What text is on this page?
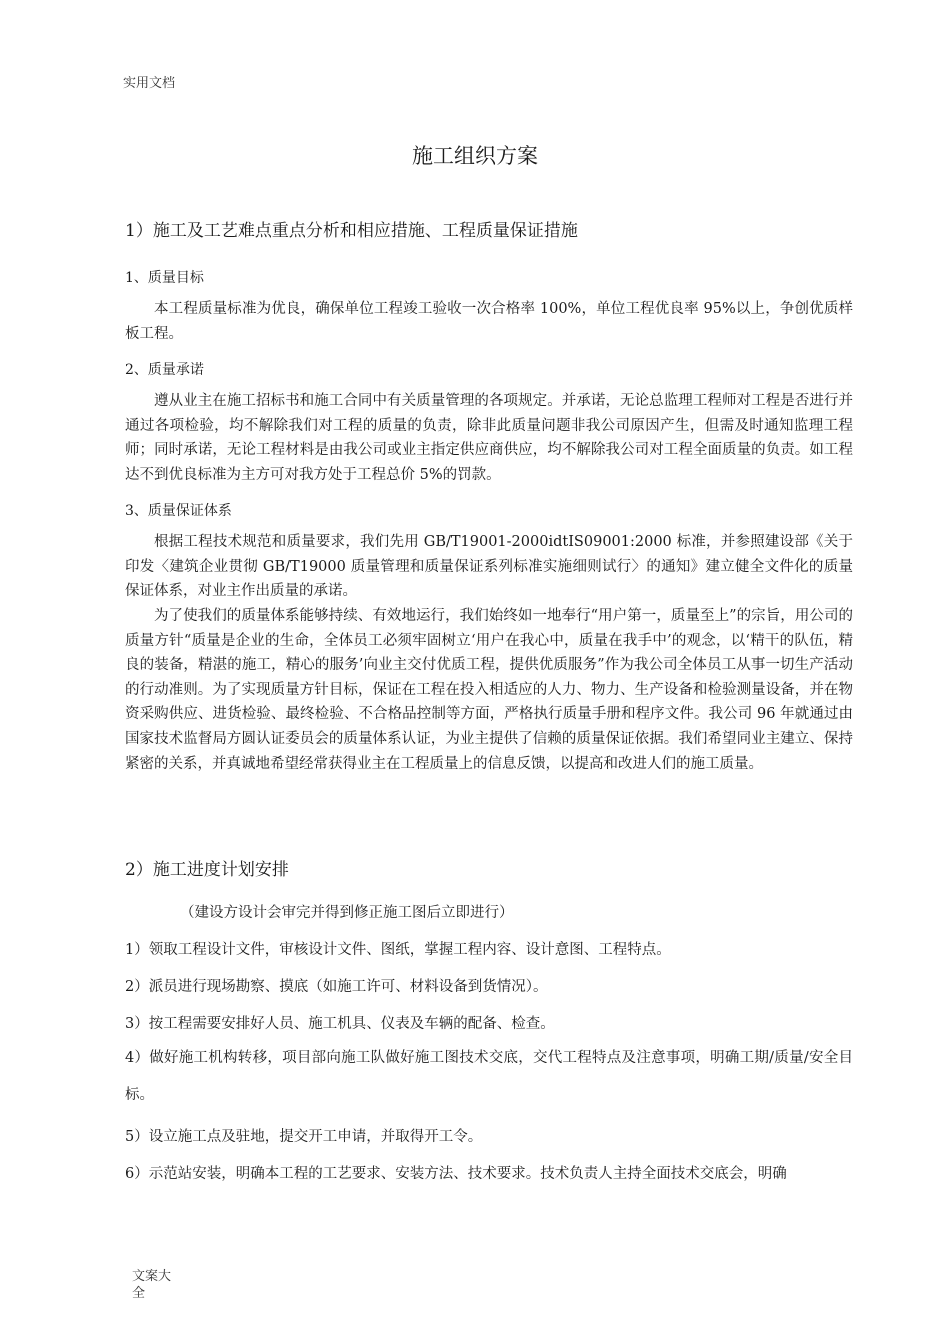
实用文档
施工组织方案
1）施工及工艺难点重点分析和相应措施、工程质量保证措施
1、质量目标

本工程质量标准为优良，确保单位工程竣工验收一次合格率 100%，单位工程优良率 95%以上，争创优质样板工程。

2、质量承诺

遵从业主在施工招标书和施工合同中有关质量管理的各项规定。并承诺，无论总监理工程师对工程是否进行并通过各项检验，均不解除我们对工程的质量的负责，除非此质量问题非我公司原因产生，但需及时通知监理工程师；同时承诺，无论工程材料是由我公司或业主指定供应商供应，均不解除我公司对工程全面质量的负责。如工程达不到优良标准为主方可对我方处于工程总价 5%的罚款。

3、质量保证体系

根据工程技术规范和质量要求，我们先用 GB/T19001-2000idtIS09001:2000 标准，并参照建设部《关于印发〈建筑企业贯彻 GB/T19000 质量管理和质量保证系列标准实施细则试行〉的通知》建立健全文件化的质量保证体系，对业主作出质量的承诺。

为了使我们的质量体系能够持续、有效地运行，我们始终如一地奉行“用户第一，质量至上”的宗旨，用公司的质量方针“质量是企业的生命，全体员工必须牢固树立‘用户在我心中，质量在我手中’的观念，以‘精干的队伍，精良的装备，精湛的施工，精心的服务’向业主交付优质工程，提供优质服务”作为我公司全体员工从事一切生产活动的行动准则。为了实现质量方针目标，保证在工程在投入相适应的人力、物力、生产设备和检验测量设备，并在物资采购供应、进货检验、最终检验、不合格品控制等方面，严格执行质量手册和程序文件。我公司 96 年就通过由国家技术监督局方圆认证委员会的质量体系认证，为业主提供了信赖的质量保证依据。我们希望同业主建立、保持紧密的关系，并真诚地希望经常获得业主在工程质量上的信息反馈，以提高和改进人们的施工质量。

2）施工进度计划安排
（建设方设计会审完并得到修正施工图后立即进行）
1）领取工程设计文件，审核设计文件、图纸，掌握工程内容、设计意图、工程特点。
2）派员进行现场勘察、摸底（如施工许可、材料设备到货情况）。
3）按工程需要安排好人员、施工机具、仪表及车辆的配备、检查。

4）做好施工机构转移，项目部向施工队做好施工图技术交底，交代工程特点及注意事项，明确工期/质量/安全目标。

5）设立施工点及驻地，提交开工申请，并取得开工令。
6）示范站安装，明确本工程的工艺要求、安装方法、技术要求。技术负责人主持全面技术交底会，明确
文案大全
